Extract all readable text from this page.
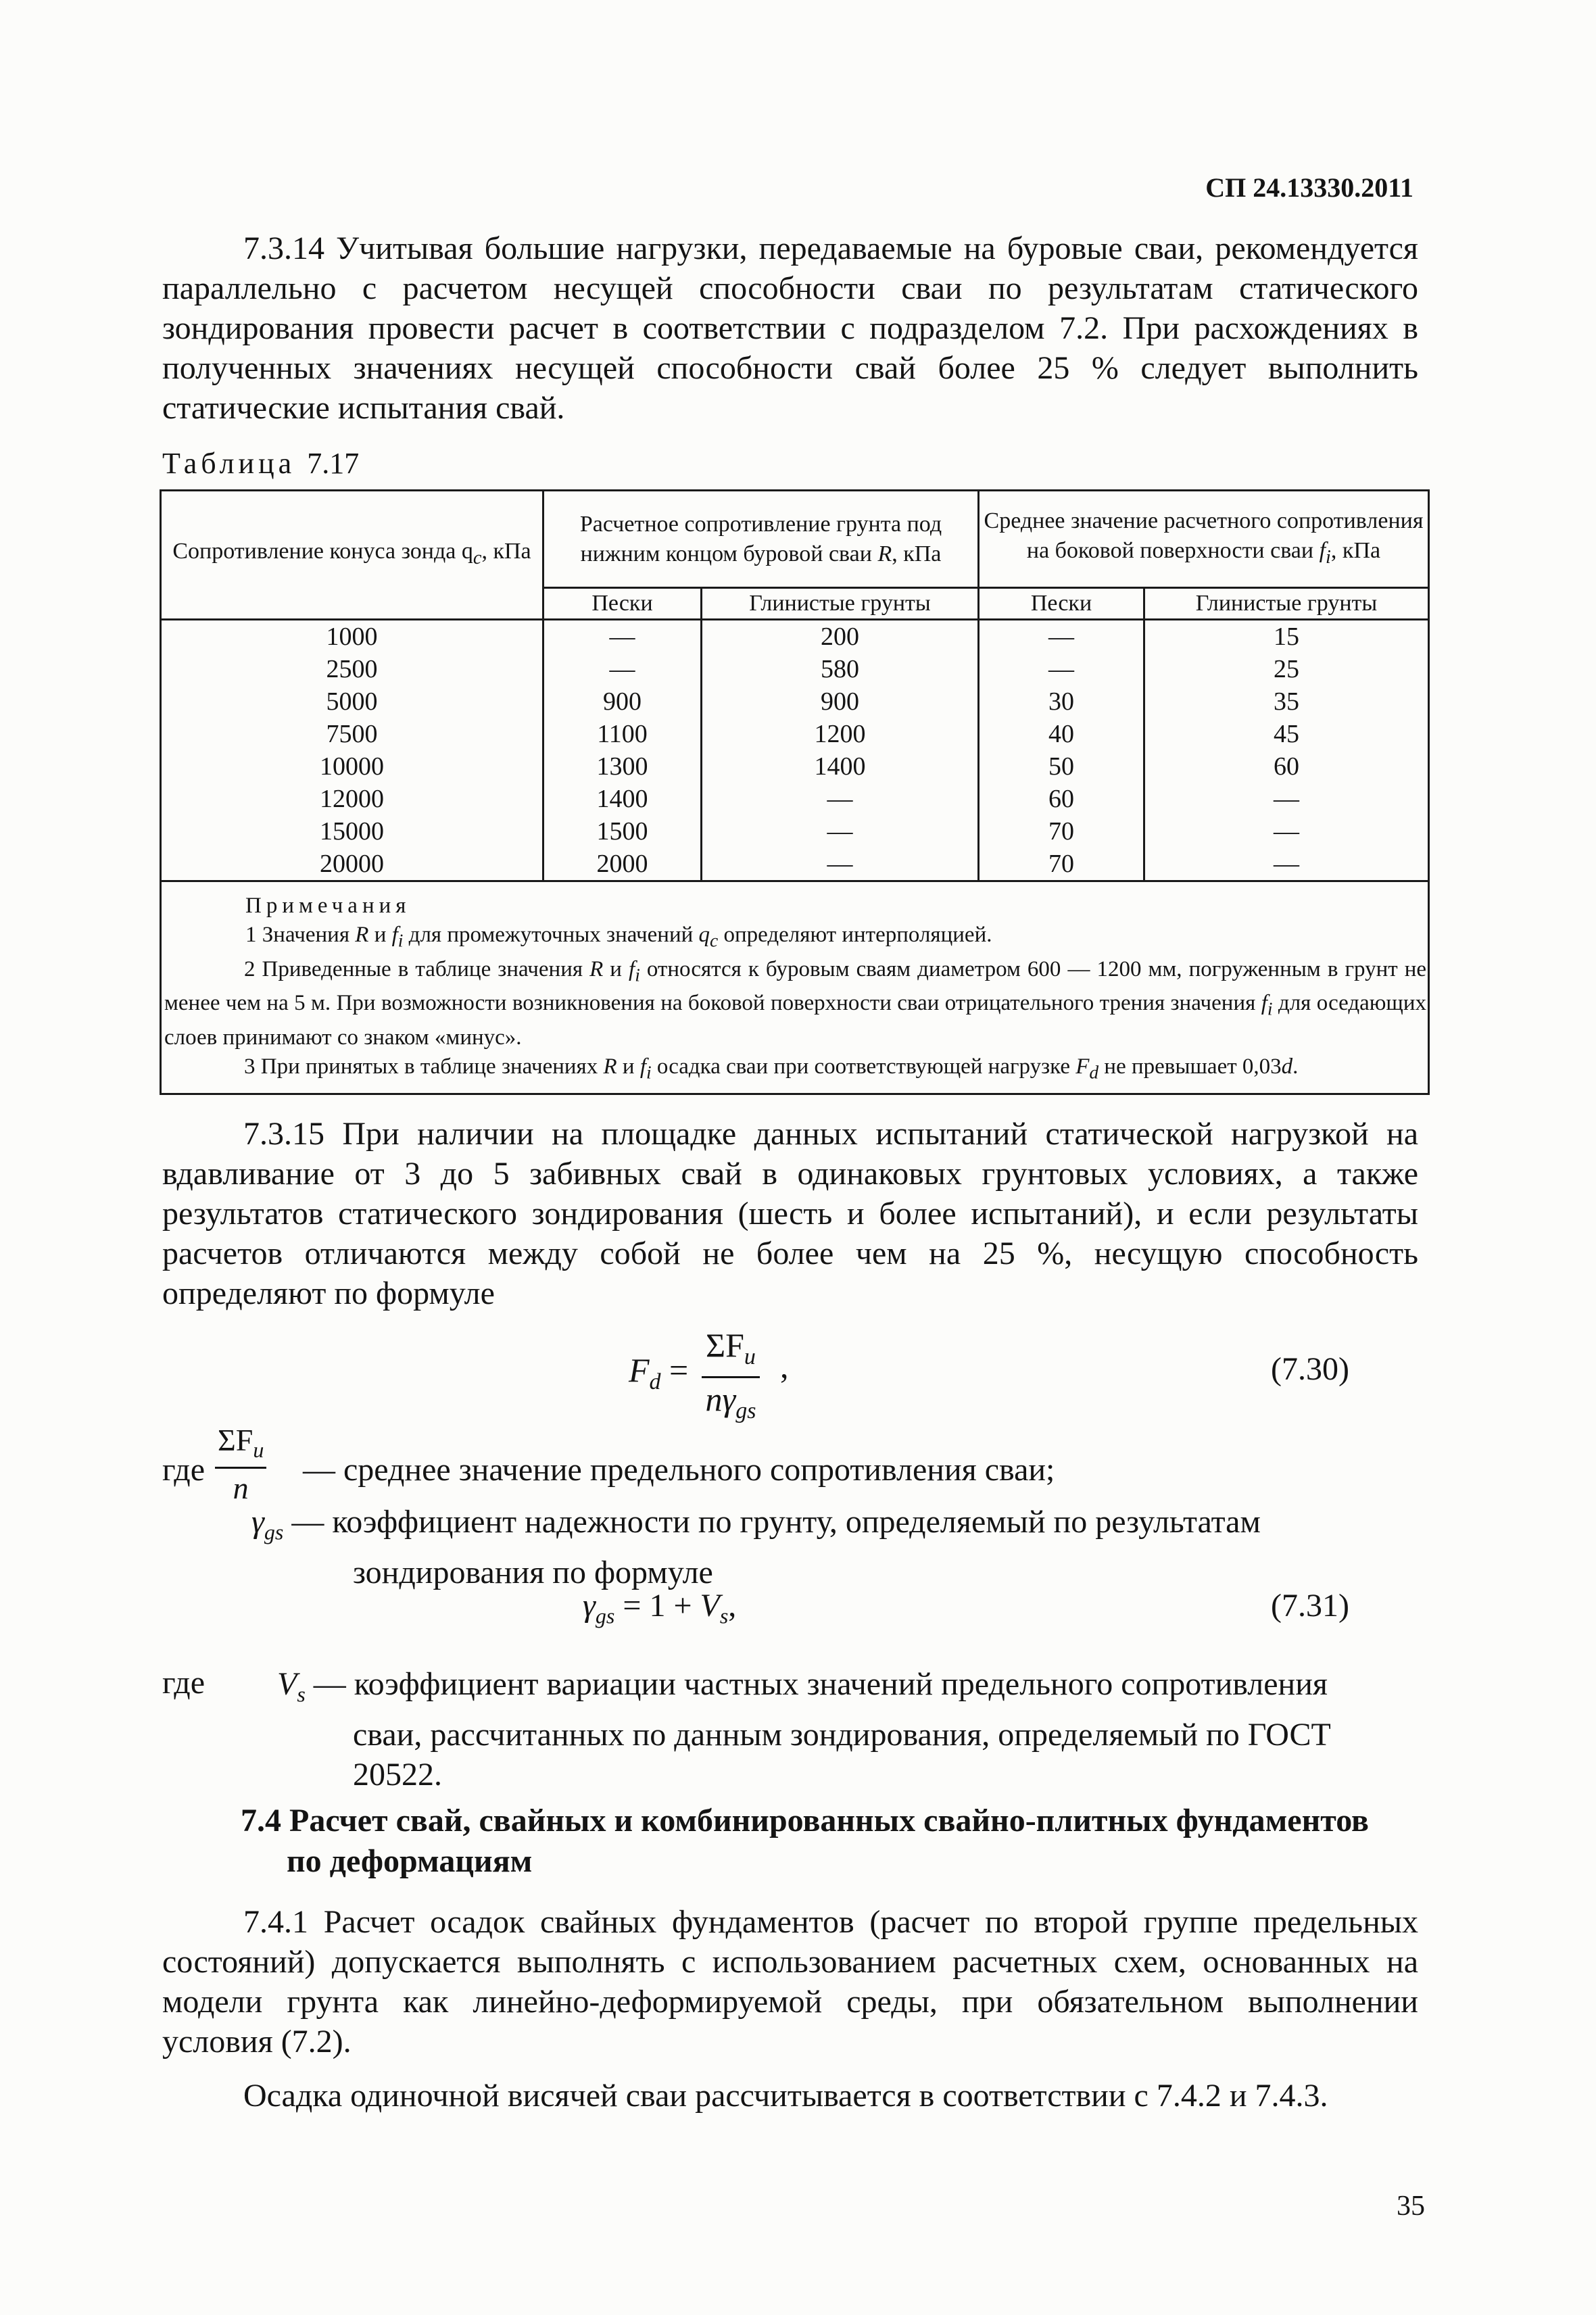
СП 24.13330.2011
7.3.14 Учитывая большие нагрузки, передаваемые на буровые сваи, рекомендуется параллельно с расчетом несущей способности сваи по результатам статического зондирования провести расчет в соответствии с подразделом 7.2. При расхождениях в полученных значениях несущей способности свай более 25 % следует выполнить статические испытания свай.
Таблица 7.17
Сопротивление конуса зонда $q_c$, кПа	Расчетное сопротивление грунта под нижним концом буровой сваи R, кПа		Среднее значение расчетного сопротивления на боковой поверхности сваи $f_i$, кПа	
	Пески	Глинистые грунты	Пески	Глинистые грунты
1000	—	200	—	15
2500	—	580	—	25
5000	900	900	30	35
7500	1100	1200	40	45
10000	1300	1400	50	60
12000	1400	—	60	—
15000	1500	—	70	—
20000	2000	—	70	—

Примечания
1 Значения R и $f_i$ для промежуточных значений $q_c$ определяют интерполяцией.
2 Приведенные в таблице значения R и $f_i$ относятся к буровым сваям диаметром 600 — 1200 мм, погруженным в грунт не менее чем на 5 м. При возможности возникновения на боковой поверхности сваи отрицательного трения значения $f_i$ для оседающих слоев принимают со знаком «минус».
3 При принятых в таблице значениях R и $f_i$ осадка сваи при соответствующей нагрузке $F_d$ не превышает 0,03d.				
7.3.15 При наличии на площадке данных испытаний статической нагрузкой на вдавливание от 3 до 5 забивных свай в одинаковых грунтовых условиях, а также результатов статического зондирования (шесть и более испытаний), и если результаты расчетов отличаются между собой не более чем на 25 %, несущую способность определяют по формуле
$F_d$ =
$\Sigma F_u$
$n\gamma_{gs}$
,	(7.30)
где
$\Sigma F_u$
n
— среднее значение предельного сопротивления сваи;
$\gamma_{gs}$ — коэффициент надежности по грунту, определяемый по результатам
зондирования по формуле
$\gamma_{gs} = 1 + V_s$,	(7.31)
где $V_s$ — коэффициент вариации частных значений предельного сопротивления
сваи, рассчитанных по данным зондирования, определяемый по ГОСТ
20522.
7.4 Расчет свай, свайных и комбинированных свайно-плитных фундаментов
по деформациям
7.4.1 Расчет осадок свайных фундаментов (расчет по второй группе предельных состояний) допускается выполнять с использованием расчетных схем, основанных на модели грунта как линейно-деформируемой среды, при обязательном выполнении условия (7.2).
Осадка одиночной висячей сваи рассчитывается в соответствии с 7.4.2 и 7.4.3.
35
